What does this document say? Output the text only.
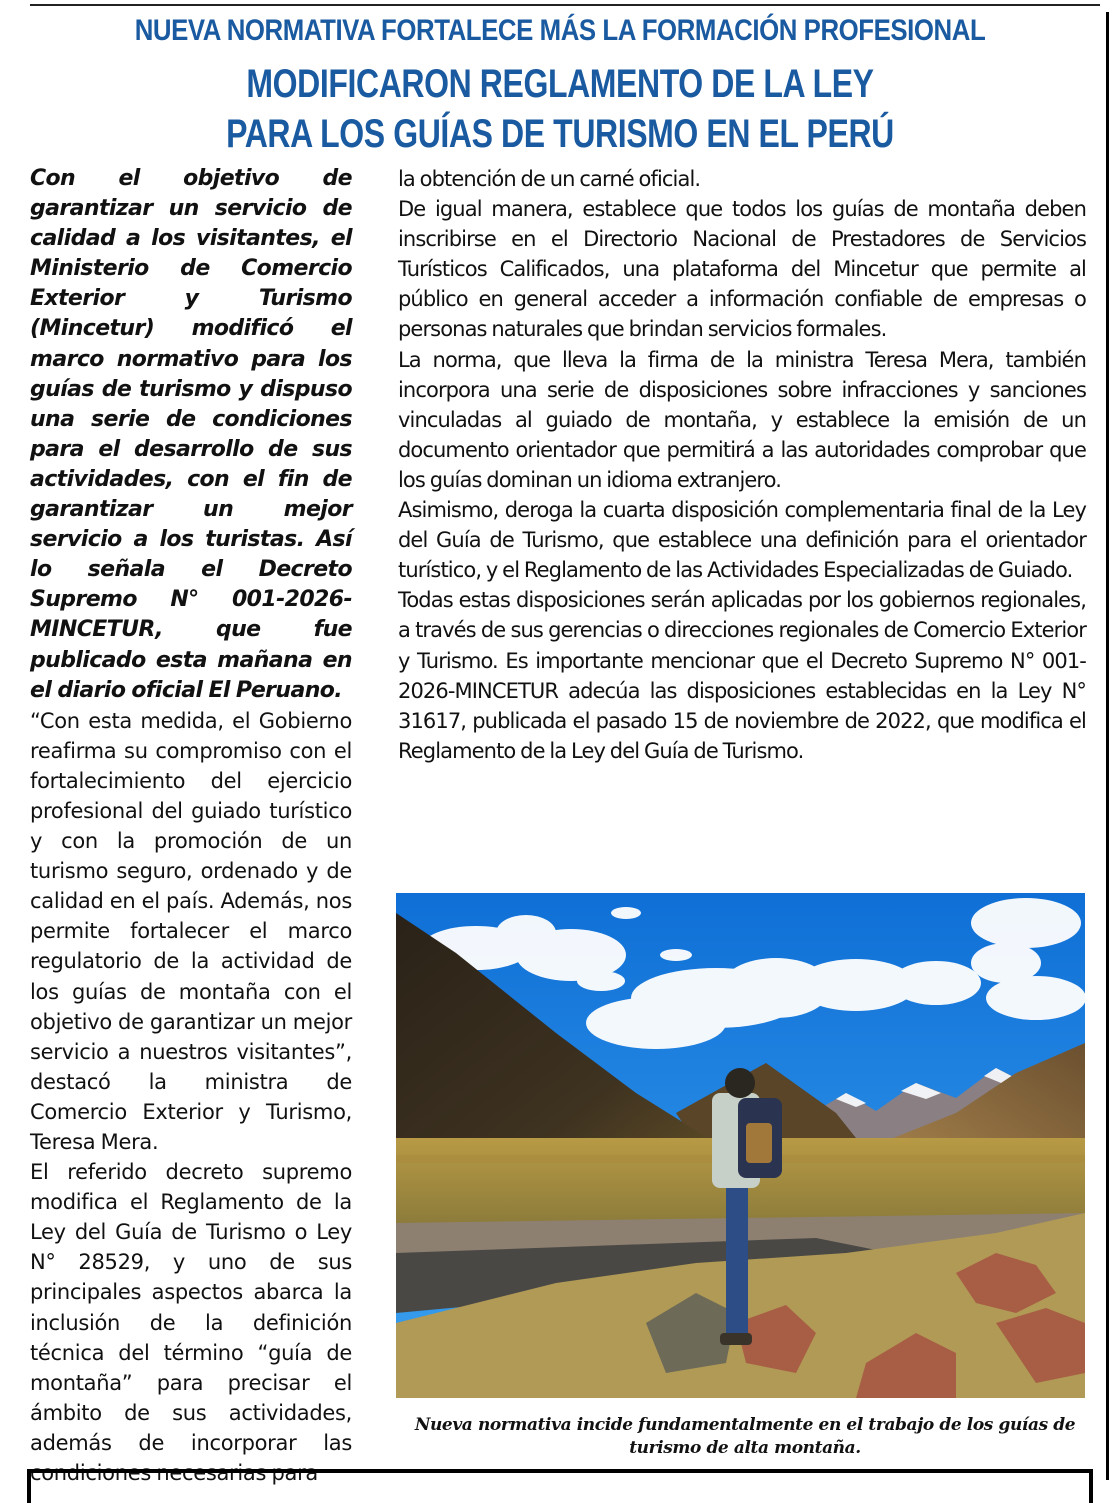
NUEVA NORMATIVA FORTALECE MÁS LA FORMACIÓN PROFESIONAL
MODIFICARON REGLAMENTO DE LA LEY
PARA LOS GUÍAS DE TURISMO EN EL PERÚ

Con el objetivo de garantizar un servicio de calidad a los visitantes, el Ministerio de Comercio Exterior y Turismo (Mincetur) modificó el marco normativo para los guías de turismo y dispuso una serie de condiciones para el desarrollo de sus actividades, con el fin de garantizar un mejor servicio a los turistas. Así lo señala el Decreto Supremo N° 001-2026-MINCETUR, que fue publicado esta mañana en el diario oficial El Peruano.

“Con esta medida, el Gobierno reafirma su compromiso con el fortalecimiento del ejercicio profesional del guiado turístico y con la promoción de un turismo seguro, ordenado y de calidad en el país. Además, nos permite fortalecer el marco regulatorio de la actividad de los guías de montaña con el objetivo de garantizar un mejor servicio a nuestros visitantes”, destacó la ministra de Comercio Exterior y Turismo, Teresa Mera.

El referido decreto supremo modifica el Reglamento de la Ley del Guía de Turismo o Ley N° 28529, y uno de sus principales aspectos abarca la inclusión de la definición técnica del término “guía de montaña” para precisar el ámbito de sus actividades, además de incorporar las condiciones necesarias para

la obtención de un carné oficial.

De igual manera, establece que todos los guías de montaña deben inscribirse en el Directorio Nacional de Prestadores de Servicios Turísticos Calificados, una plataforma del Mincetur que permite al público en general acceder a información confiable de empresas o personas naturales que brindan servicios formales.

La norma, que lleva la firma de la ministra Teresa Mera, también incorpora una serie de disposiciones sobre infracciones y sanciones vinculadas al guiado de montaña, y establece la emisión de un documento orientador que permitirá a las autoridades comprobar que los guías dominan un idioma extranjero.

Asimismo, deroga la cuarta disposición complementaria final de la Ley del Guía de Turismo, que establece una definición para el orientador turístico, y el Reglamento de las Actividades Especializadas de Guiado.

Todas estas disposiciones serán aplicadas por los gobiernos regionales, a través de sus gerencias o direcciones regionales de Comercio Exterior y Turismo. Es importante mencionar que el Decreto Supremo N° 001-2026-MINCETUR adecúa las disposiciones establecidas en la Ley N° 31617, publicada el pasado 15 de noviembre de 2022, que modifica el Reglamento de la Ley del Guía de Turismo.

Nueva normativa incide fundamentalmente en el trabajo de los guías de turismo de alta montaña.
